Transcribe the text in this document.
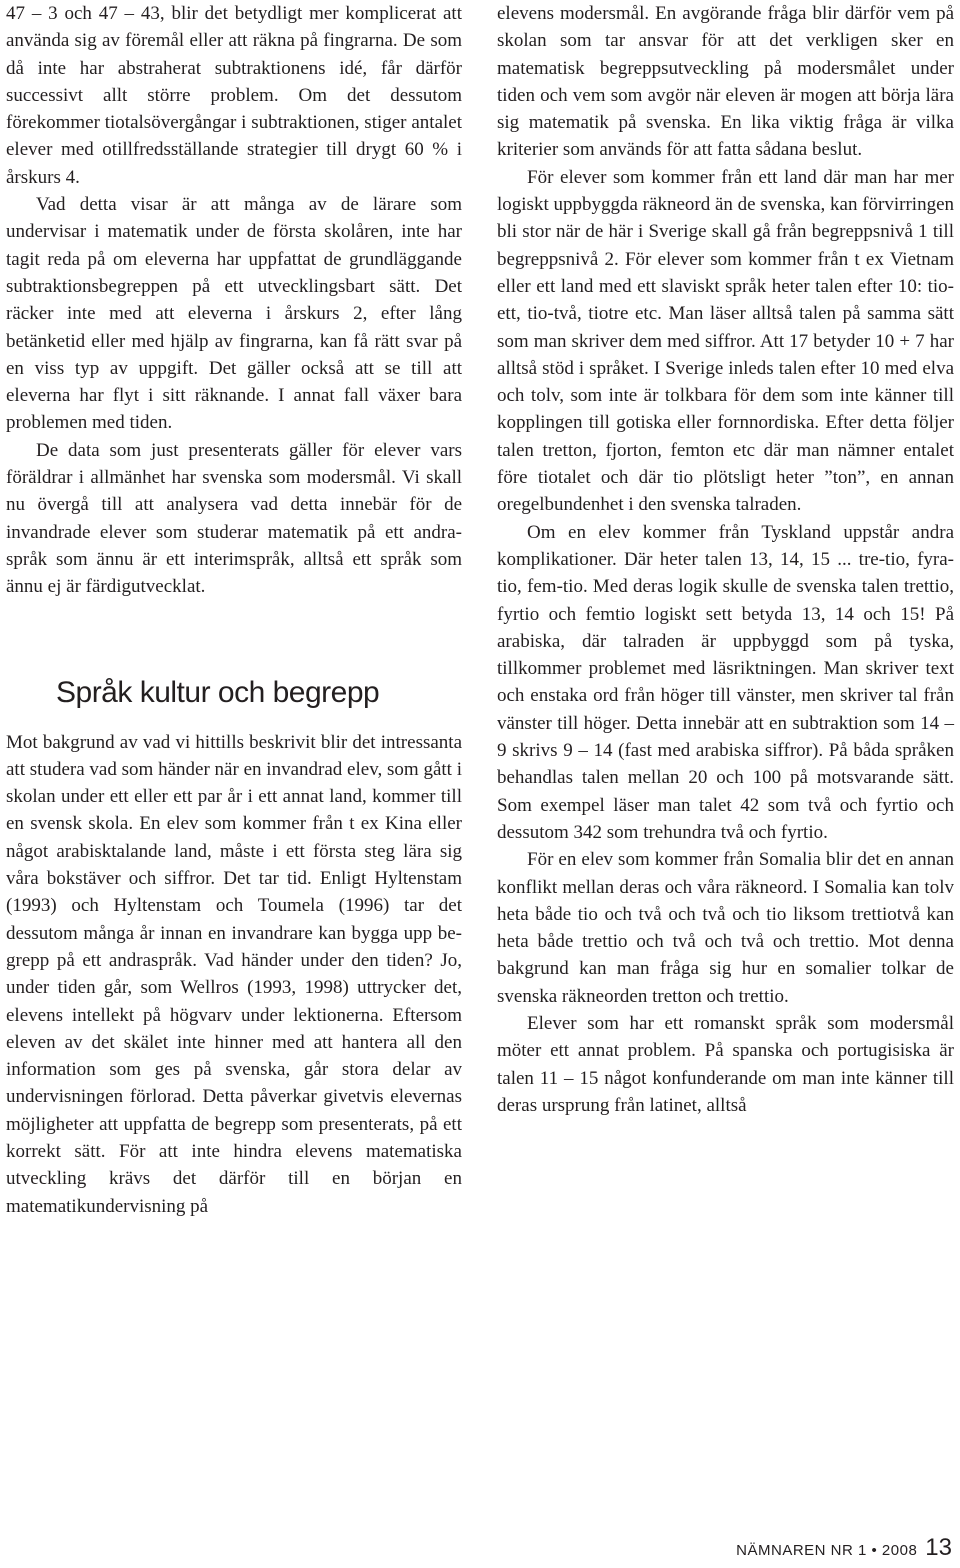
47 – 3 och 47 – 43, blir det betydligt mer komplicerat att använda sig av föremål eller att räkna på fingrarna. De som då inte har abstraherat subtraktionens idé, får därför successivt allt större problem. Om det dessutom förekommer tiotalsövergångar i subtraktionen, stiger antalet elever med otillfredsställande strategier till drygt 60 % i årskurs 4.

Vad detta visar är att många av de lärare som undervisar i matematik under de första skolåren, inte har tagit reda på om eleverna har uppfattat de grundläggande subtraktionsbegreppen på ett utvecklingsbart sätt. Det räcker inte med att eleverna i årskurs 2, efter lång betänketid eller med hjälp av fingrarna, kan få rätt svar på en viss typ av uppgift. Det gäller också att se till att eleverna har flyt i sitt räknande. I annat fall växer bara problemen med tiden.

De data som just presenterats gäller för elever vars föräldrar i allmänhet har svenska som modersmål. Vi skall nu övergå till att analysera vad detta innebär för de invandrade elever som studerar matematik på ett andraspråk som ännu är ett interimspråk, alltså ett språk som ännu ej är färdigutvecklat.

Språk kultur och begrepp

Mot bakgrund av vad vi hittills beskrivit blir det intressanta att studera vad som händer när en invandrad elev, som gått i skolan under ett eller ett par år i ett annat land, kommer till en svensk skola. En elev som kommer från t ex Kina eller något arabisktalande land, måste i ett första steg lära sig våra bokstäver och siffror. Det tar tid. Enligt Hyltenstam (1993) och Hyltenstam och Toumela (1996) tar det dessutom många år innan en invandrare kan bygga upp begrepp på ett andraspråk. Vad händer under den tiden? Jo, under tiden går, som Wellros (1993, 1998) uttrycker det, elevens intellekt på högvarv under lektionerna. Eftersom eleven av det skälet inte hinner med att hantera all den information som ges på svenska, går stora delar av undervisningen förlorad. Detta påverkar givetvis elevernas möjligheter att uppfatta de begrepp som presenterats, på ett korrekt sätt. För att inte hindra elevens matematiska utveckling krävs det därför till en början en matematikundervisning på

elevens modersmål. En avgörande fråga blir därför vem på skolan som tar ansvar för att det verkligen sker en matematisk begreppsutveckling på modersmålet under tiden och vem som avgör när eleven är mogen att börja lära sig matematik på svenska. En lika viktig fråga är vilka kriterier som används för att fatta sådana beslut.

För elever som kommer från ett land där man har mer logiskt uppbyggda räkneord än de svenska, kan förvirringen bli stor när de här i Sverige skall gå från begreppsnivå 1 till begreppsnivå 2. För elever som kommer från t ex Vietnam eller ett land med ett slaviskt språk heter talen efter 10: tio-ett, tio-två, tiotre etc. Man läser alltså talen på samma sätt som man skriver dem med siffror. Att 17 betyder 10 + 7 har alltså stöd i språket. I Sverige inleds talen efter 10 med elva och tolv, som inte är tolkbara för dem som inte känner till kopplingen till gotiska eller fornnordiska. Efter detta följer talen tretton, fjorton, femton etc där man nämner entalet före tiotalet och där tio plötsligt heter ”ton”, en annan oregelbundenhet i den svenska talraden.

Om en elev kommer från Tyskland uppstår andra komplikationer. Där heter talen 13, 14, 15 ... tre-tio, fyra-tio, fem-tio. Med deras logik skulle de svenska talen trettio, fyrtio och femtio logiskt sett betyda 13, 14 och 15! På arabiska, där talraden är uppbyggd som på tyska, tillkommer problemet med läsriktningen. Man skriver text och enstaka ord från höger till vänster, men skriver tal från vänster till höger. Detta innebär att en subtraktion som 14 – 9 skrivs 9 – 14 (fast med arabiska siffror). På båda språken behandlas talen mellan 20 och 100 på motsvarande sätt. Som exempel läser man talet 42 som två och fyrtio och dessutom 342 som trehundra två och fyrtio.

För en elev som kommer från Somalia blir det en annan konflikt mellan deras och våra räkneord. I Somalia kan tolv heta både tio och två och två och tio liksom trettiotvå kan heta både trettio och två och två och trettio. Mot denna bakgrund kan man fråga sig hur en somalier tolkar de svenska räkneorden tretton och trettio.

Elever som har ett romanskt språk som modersmål möter ett annat problem. På spanska och portugisiska är talen 11 – 15 något konfunderande om man inte känner till deras ursprung från latinet, alltså

NÄMNAREN NR 1 • 2008 13
